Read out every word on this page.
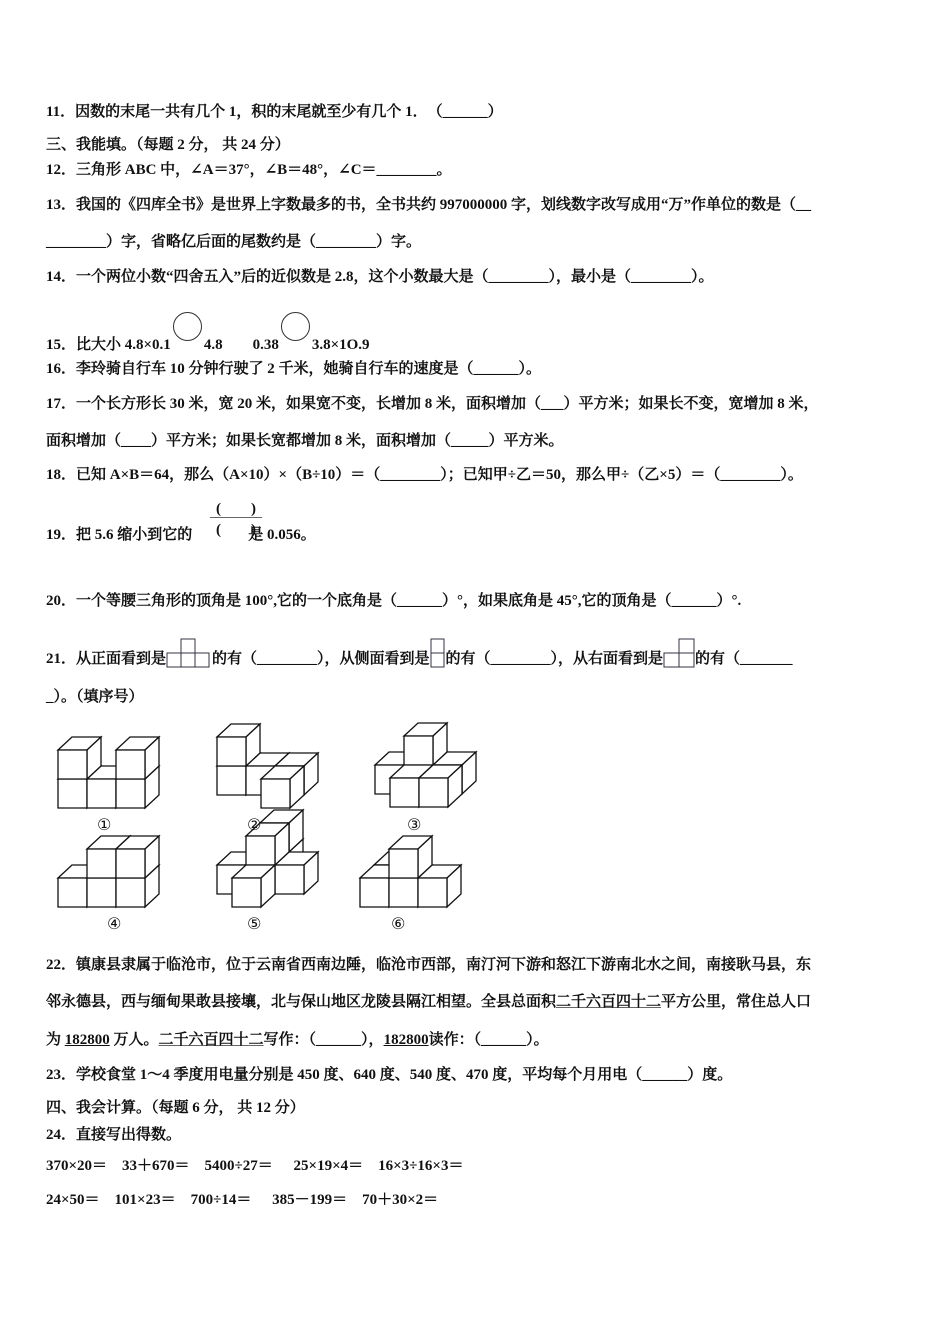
11．因数的末尾一共有几个 1，积的末尾就至少有几个 1．　（______）
三、我能填。（每题 2 分， 共 24 分）
12．三角形 ABC 中，∠A＝37°，∠B＝48°，∠C＝________。
13．我国的《四库全书》是世界上字数最多的书，全书共约 997000000 字，划线数字改写成用“万”作单位的数是（__
________）字，省略亿后面的尾数约是（________）字。
14．一个两位小数“四舍五入”后的近似数是 2.8，这个小数最大是（________），最小是（________）。
15．比大小 4.8×0.1 4.8　　0.38 3.8×1O.9
16．李玲骑自行车 10 分钟行驶了 2 千米，她骑自行车的速度是（______）。
17．一个长方形长 30 米，宽 20 米，如果宽不变，长增加 8 米，面积增加（___）平方米；如果长不变，宽增加 8 米，
面积增加（____）平方米；如果长宽都增加 8 米，面积增加（_____）平方米。
18．已知 A×B＝64，那么（A×10）×（B÷10）＝（________）；已知甲÷乙＝50，那么甲÷（乙×5）＝（________）。
(　　)
(　　)
19．把 5.6 缩小到它的	是 0.056。
20．一个等腰三角形的顶角是 100°,它的一个底角是（______）°，如果底角是 45°,它的顶角是（______）°.
21．从正面看到是	的有（________），从侧面看到是 的有（________），从右面看到是 的有（_______
_）。（填序号）
①	②	③
④	⑤	⑥
22．镇康县隶属于临沧市，位于云南省西南边陲，临沧市西部，南汀河下游和怒江下游南北水之间，南接耿马县，东
邻永德县，西与缅甸果敢县接壤，北与保山地区龙陵县隔江相望。全县总面积二千六百四十二平方公里，常住总人口
为 182800 万人。二千六百四十二写作：（______），182800读作：（______）。
23．学校食堂 1～4 季度用电量分别是 450 度、640 度、540 度、470 度，平均每个月用电（______）度。
四、我会计算。（每题 6 分， 共 12 分）
24．直接写出得数。
370×20＝　33＋670＝　5400÷27＝　 25×19×4＝　16×3÷16×3＝
24×50＝　101×23＝　700÷14＝　 385－199＝　70＋30×2＝
